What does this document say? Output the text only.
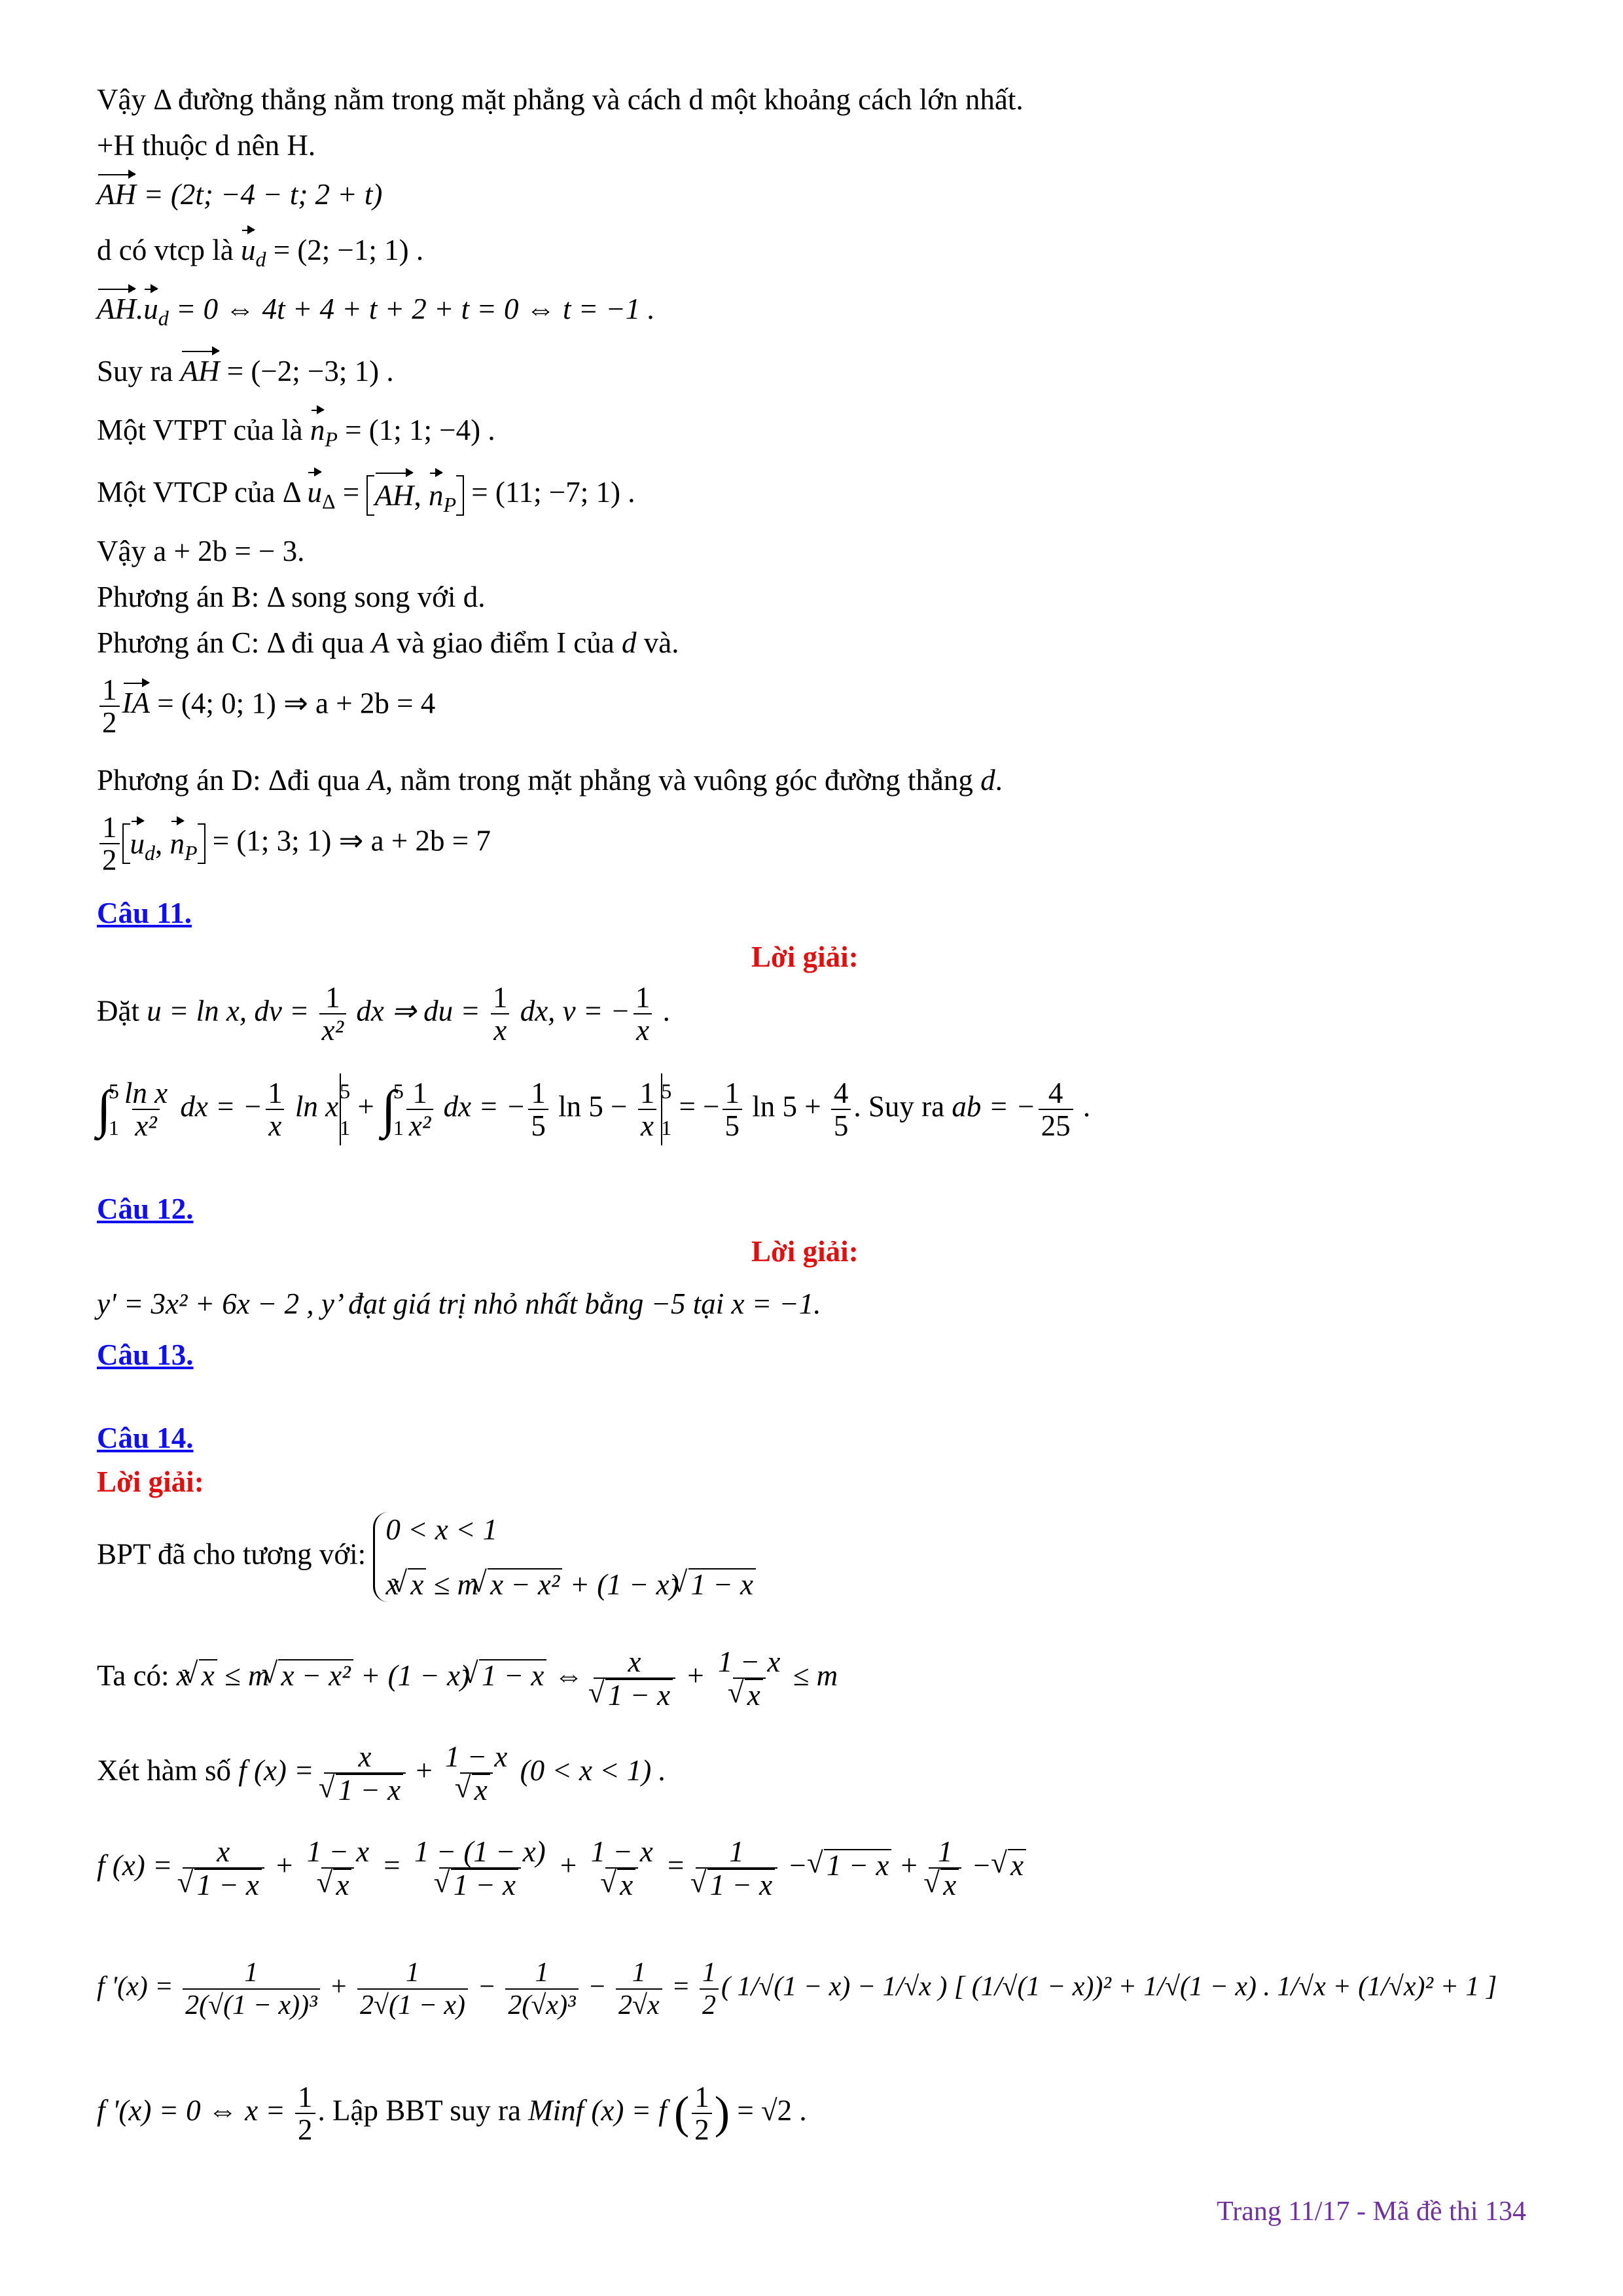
Vậy Δ đường thẳng nằm trong mặt phẳng và cách d một khoảng cách lớn nhất.
+H thuộc d nên H.
AH = (2t; −4 − t; 2 + t)
d có vtcp là $u_d = (2$; −1; 1) .
$AH.u_d = 0$ ⇔ 4t + 4 + t + 2 + t = 0 ⇔ t = −1 .
Suy ra AH = (−2; −3; 1) .
Một VTPT của là $n_P = (1$; 1; −4) .
Một VTCP của Δ $u_\Delta$ = AH, $n_P = (11$; −7; 1) .
Vậy a + 2b = − 3.
Phương án B: Δ song song với d.
Phương án C: Δ đi qua A và giao điểm I của d và.
$\frac{1}{2}$ IA = (4; 0; 1) ⇒ a + 2b = 4
Phương án D: Δđi qua A, nằm trong mặt phẳng và vuông góc đường thẳng d.
$\frac{1}{2} u_d$, $n_P = (1$; 3; 1) ⇒ a + 2b = 7
Câu 11.
Lời giải:
Đặt u = ln x, dv = $\frac{1}{\text{x²}}$ dx ⇒ du = $\frac{1}{x}$ dx, v = − $\frac{1}{x}$ .
∫
5
$1 \frac{\text{ln x}}{\text{x²}}$ dx = − $\frac{1}{x}$ ln x 5
1
+ ∫
5
$1 \frac{1}{\text{x²}}$ dx = − $\frac{1}{5}$ $\ln 5 - \frac{1}{x} 5$
1
= − $\frac{1}{5}$ $\ln 5 + \frac{4}{5}$ . Suy ra ab = − $\frac{4}{25}$ .
Câu 12.
Lời giải:
y' = 3x² + 6x − 2 , y’ đạt giá trị nhỏ nhất bằng −5 tại x = −1.
Câu 13.
Câu 14.
Lời giải:
BPT đã cho tương với:
0 < x < 1
x √ x ≤ m √ x − x² + (1 − x) √ 1 − x
Ta có: x √ x ≤ m √ x − x² + (1 − x) √ 1 − x ⇔ x
√ 1 − x + 1 − x
√ x ≤ m
Xét hàm số f (x) = x
√ 1 − x + 1 − x
√ x (0 < x < 1) .
f (x) = x
√ 1 − x + 1 − x
√ x = 1 − (1 − x)
√ 1 − x + 1 − x
√ x = 1
√ 1 − x − √ 1 − x + 1
√ x − √ x
f '$(x) = \frac{1}{\text{2(√(1 − x))³}} + \frac{1}{2√(1 - x)} - \frac{1}{\text{2(√x)³}} - \frac{1}{2√x} = \frac{1}{2}$ ( 1/√(1 − x) − 1/√x ) [ (1/√(1 − x))² + 1/√(1 − x) . 1/√x + (1/√x)² + 1 ]
f '(x) = 0 ⇔ $x = \frac{1}{2}$ . Lập BBT suy ra Minf (x) = f ( $\frac{1}{2}$ ) = √2 .
Trang 11/17 - Mã đề thi 134
